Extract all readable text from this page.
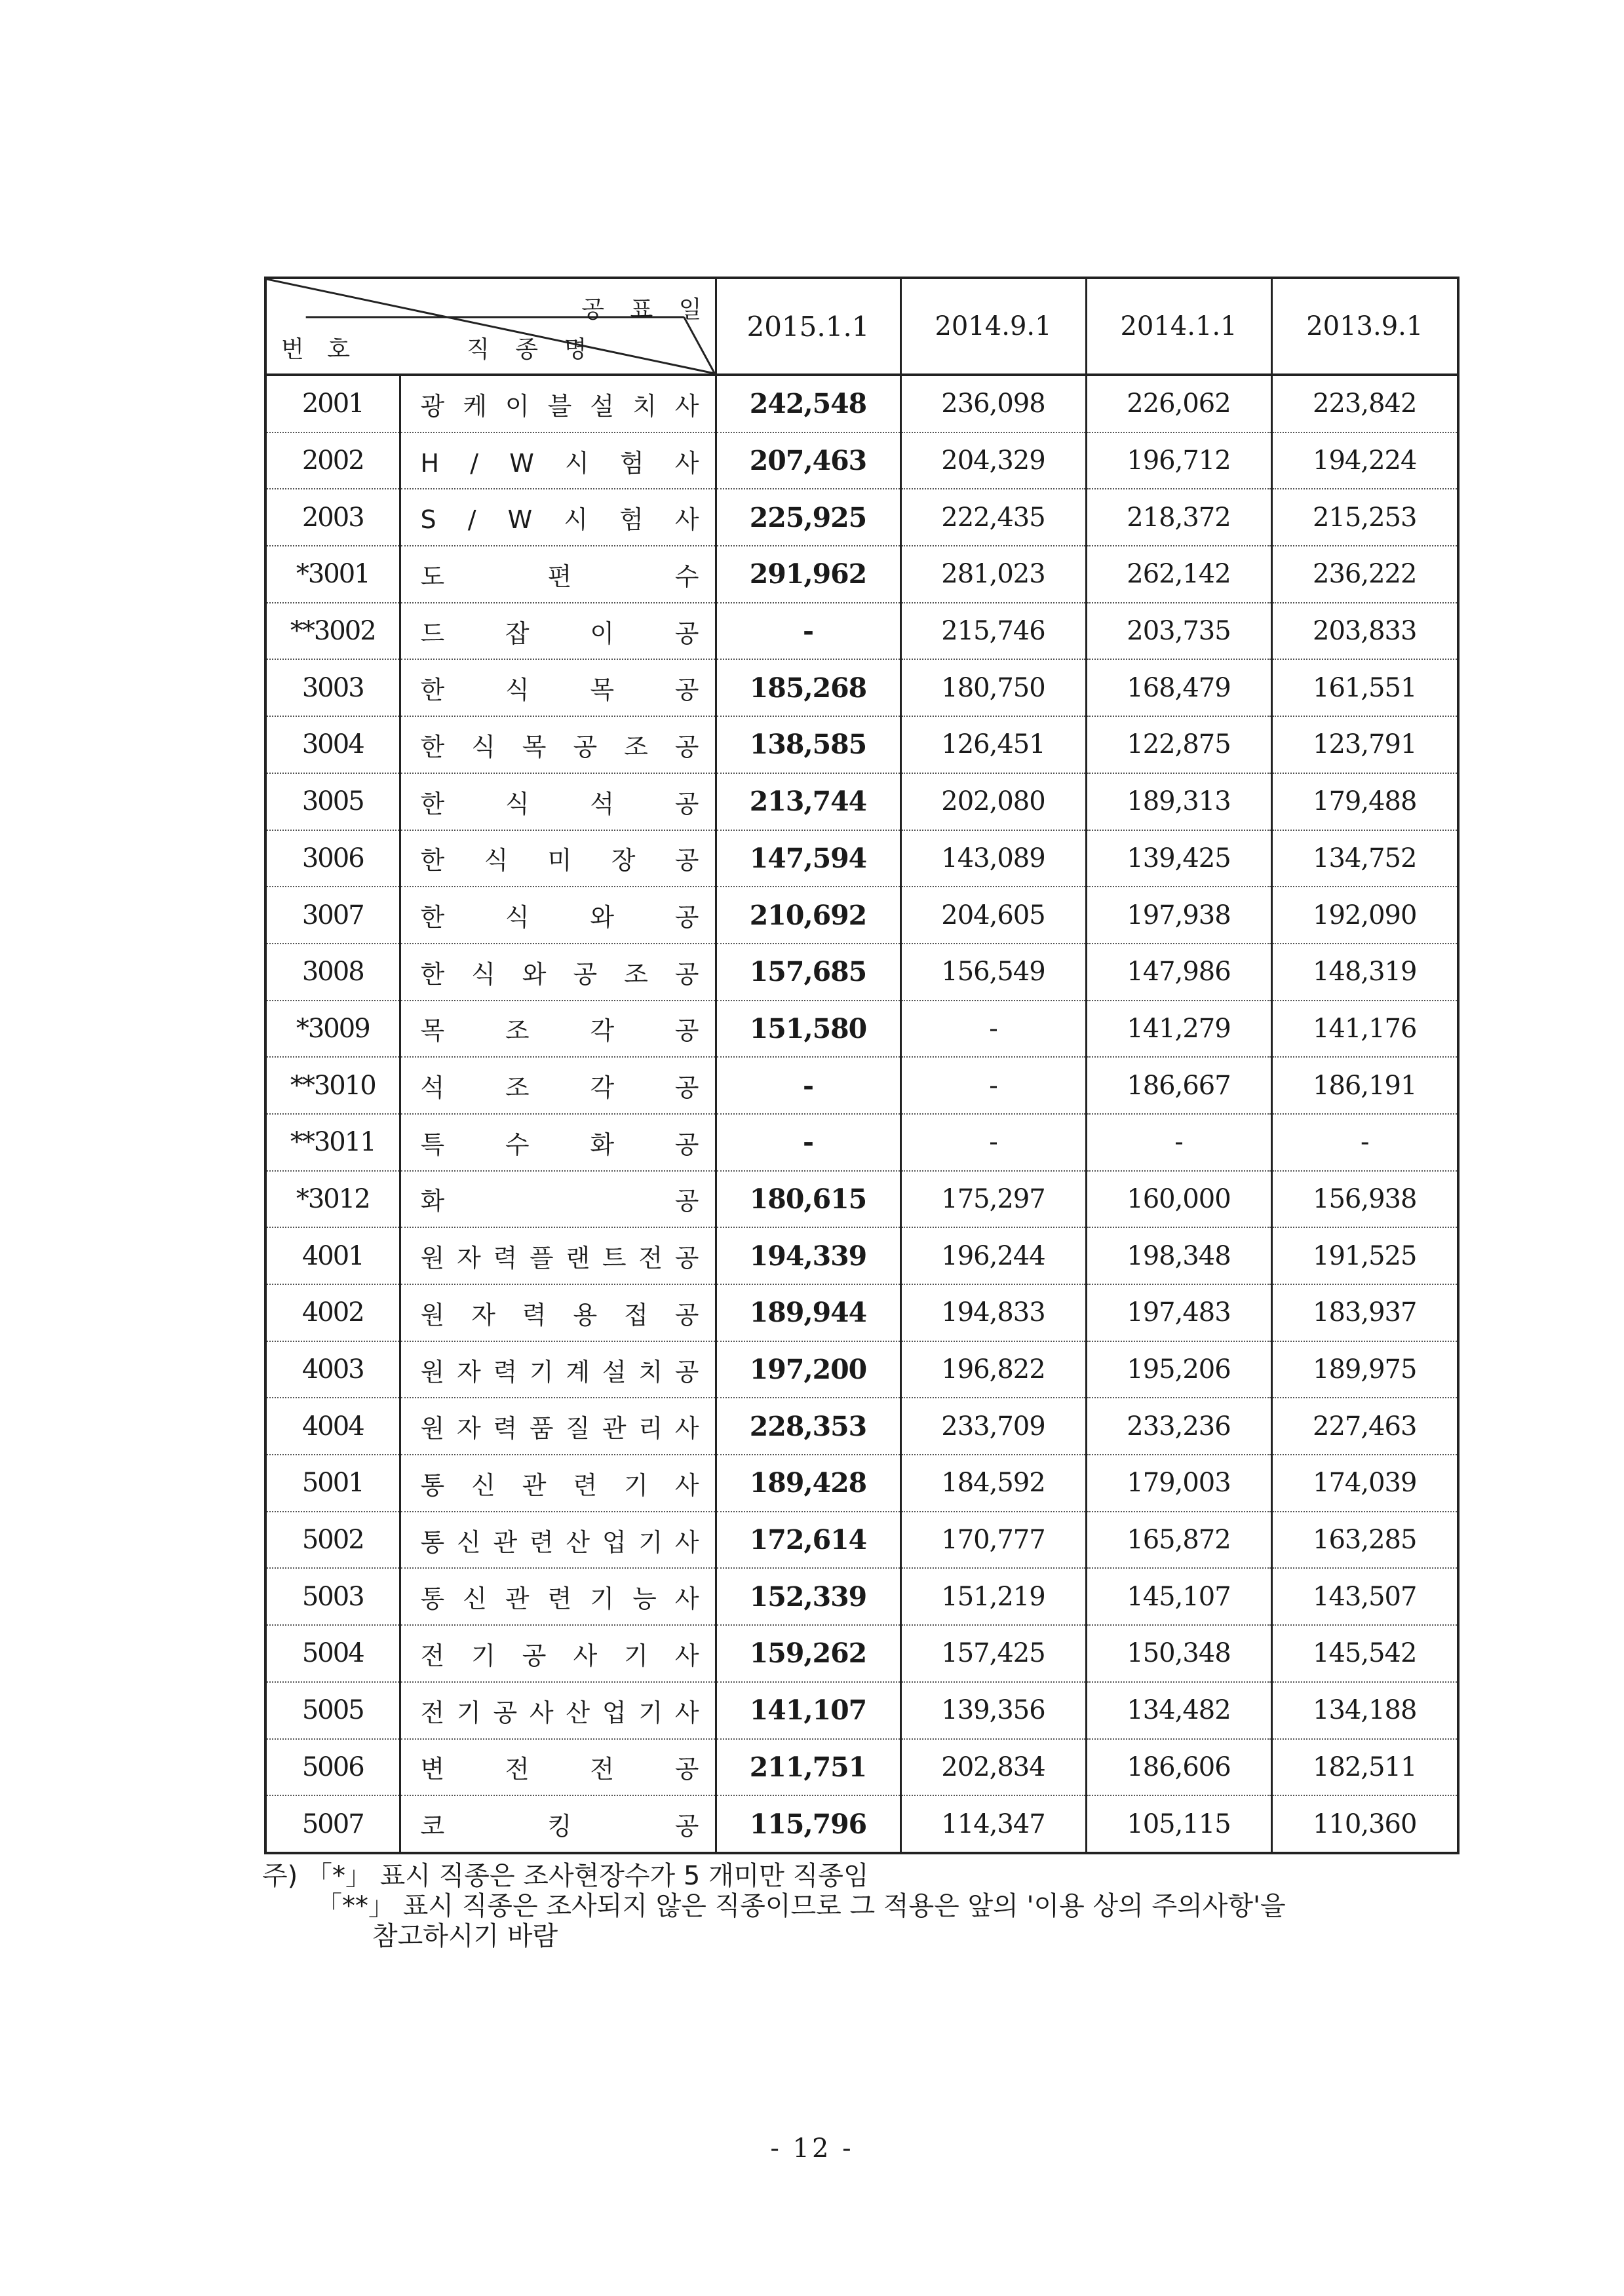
공 표 일
번 호 직 종 명		2015.1.1	2014.9.1	2014.1.1	2013.9.1
2001	광 케 이 블 설 치 사	242,548	236,098	226,062	223,842
2002	H / W 시 험 사	207,463	204,329	196,712	194,224
2003	S / W 시 험 사	225,925	222,435	218,372	215,253
*3001	도 편 수	291,962	281,023	262,142	236,222
**3002	드 잡 이 공	-	215,746	203,735	203,833
3003	한 식 목 공	185,268	180,750	168,479	161,551
3004	한 식 목 공 조 공	138,585	126,451	122,875	123,791
3005	한 식 석 공	213,744	202,080	189,313	179,488
3006	한 식 미 장 공	147,594	143,089	139,425	134,752
3007	한 식 와 공	210,692	204,605	197,938	192,090
3008	한 식 와 공 조 공	157,685	156,549	147,986	148,319
*3009	목 조 각 공	151,580	-	141,279	141,176
**3010	석 조 각 공	-	-	186,667	186,191
**3011	특 수 화 공	-	-	-	-
*3012	화 공	180,615	175,297	160,000	156,938
4001	원 자 력 플 랜 트 전 공	194,339	196,244	198,348	191,525
4002	원 자 력 용 접 공	189,944	194,833	197,483	183,937
4003	원 자 력 기 계 설 치 공	197,200	196,822	195,206	189,975
4004	원 자 력 품 질 관 리 사	228,353	233,709	233,236	227,463
5001	통 신 관 련 기 사	189,428	184,592	179,003	174,039
5002	통 신 관 련 산 업 기 사	172,614	170,777	165,872	163,285
5003	통 신 관 련 기 능 사	152,339	151,219	145,107	143,507
5004	전 기 공 사 기 사	159,262	157,425	150,348	145,542
5005	전 기 공 사 산 업 기 사	141,107	139,356	134,482	134,188
5006	변 전 전 공	211,751	202,834	186,606	182,511
5007	코 킹 공	115,796	114,347	105,115	110,360

주) 「*」 표시 직종은 조사현장수가 5 개미만 직종임

「**」 표시 직종은 조사되지 않은 직종이므로 그 적용은 앞의 '이용 상의 주의사항'을

참고하시기 바람

- 12 -
